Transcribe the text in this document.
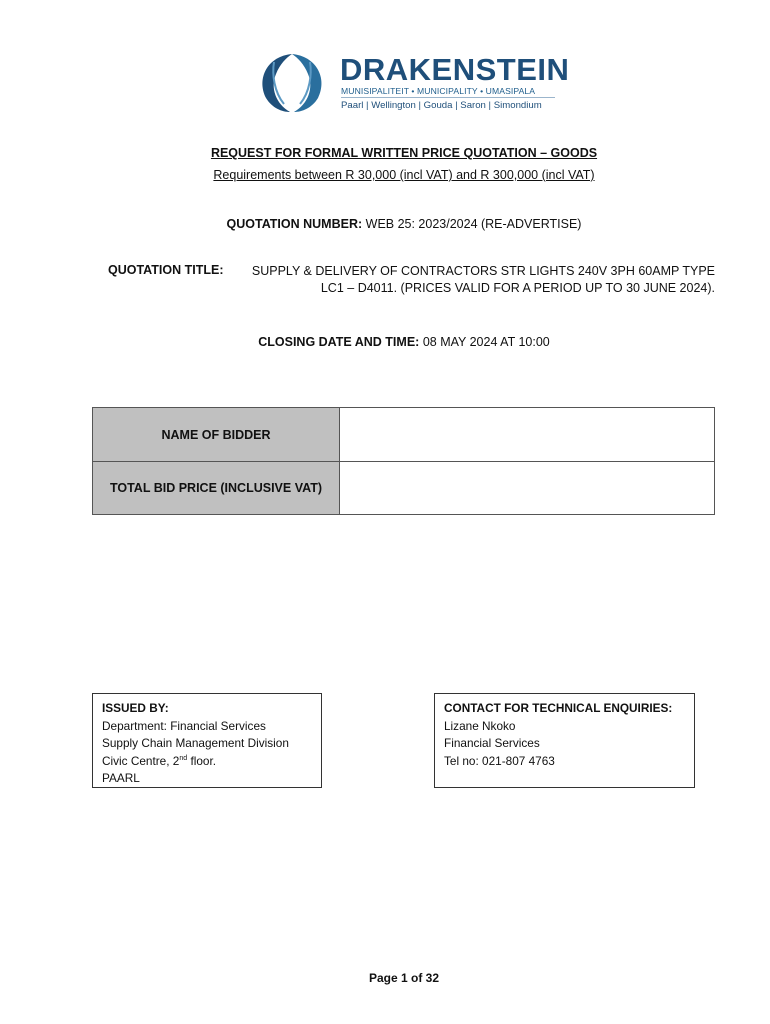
DRAKENSTEIN
MUNISIPALITEIT • MUNICIPALITY • UMASIPALA
Paarl | Wellington | Gouda | Saron | Simondium
REQUEST FOR FORMAL WRITTEN PRICE QUOTATION – GOODS
Requirements between R 30,000 (incl VAT) and R 300,000 (incl VAT)
QUOTATION NUMBER: WEB 25: 2023/2024 (RE-ADVERTISE)
QUOTATION TITLE:	SUPPLY & DELIVERY OF CONTRACTORS STR LIGHTS 240V 3PH 60AMP TYPE LC1 – D4011. (PRICES VALID FOR A PERIOD UP TO 30 JUNE 2024).
CLOSING DATE AND TIME: 08 MAY 2024 AT 10:00
NAME OF BIDDER
TOTAL BID PRICE (INCLUSIVE VAT)
ISSUED BY:
Department: Financial Services
Supply Chain Management Division
Civic Centre, 2nd floor.
PAARL
CONTACT FOR TECHNICAL ENQUIRIES:
Lizane Nkoko
Financial Services
Tel no: 021-807 4763
Page 1 of 32
